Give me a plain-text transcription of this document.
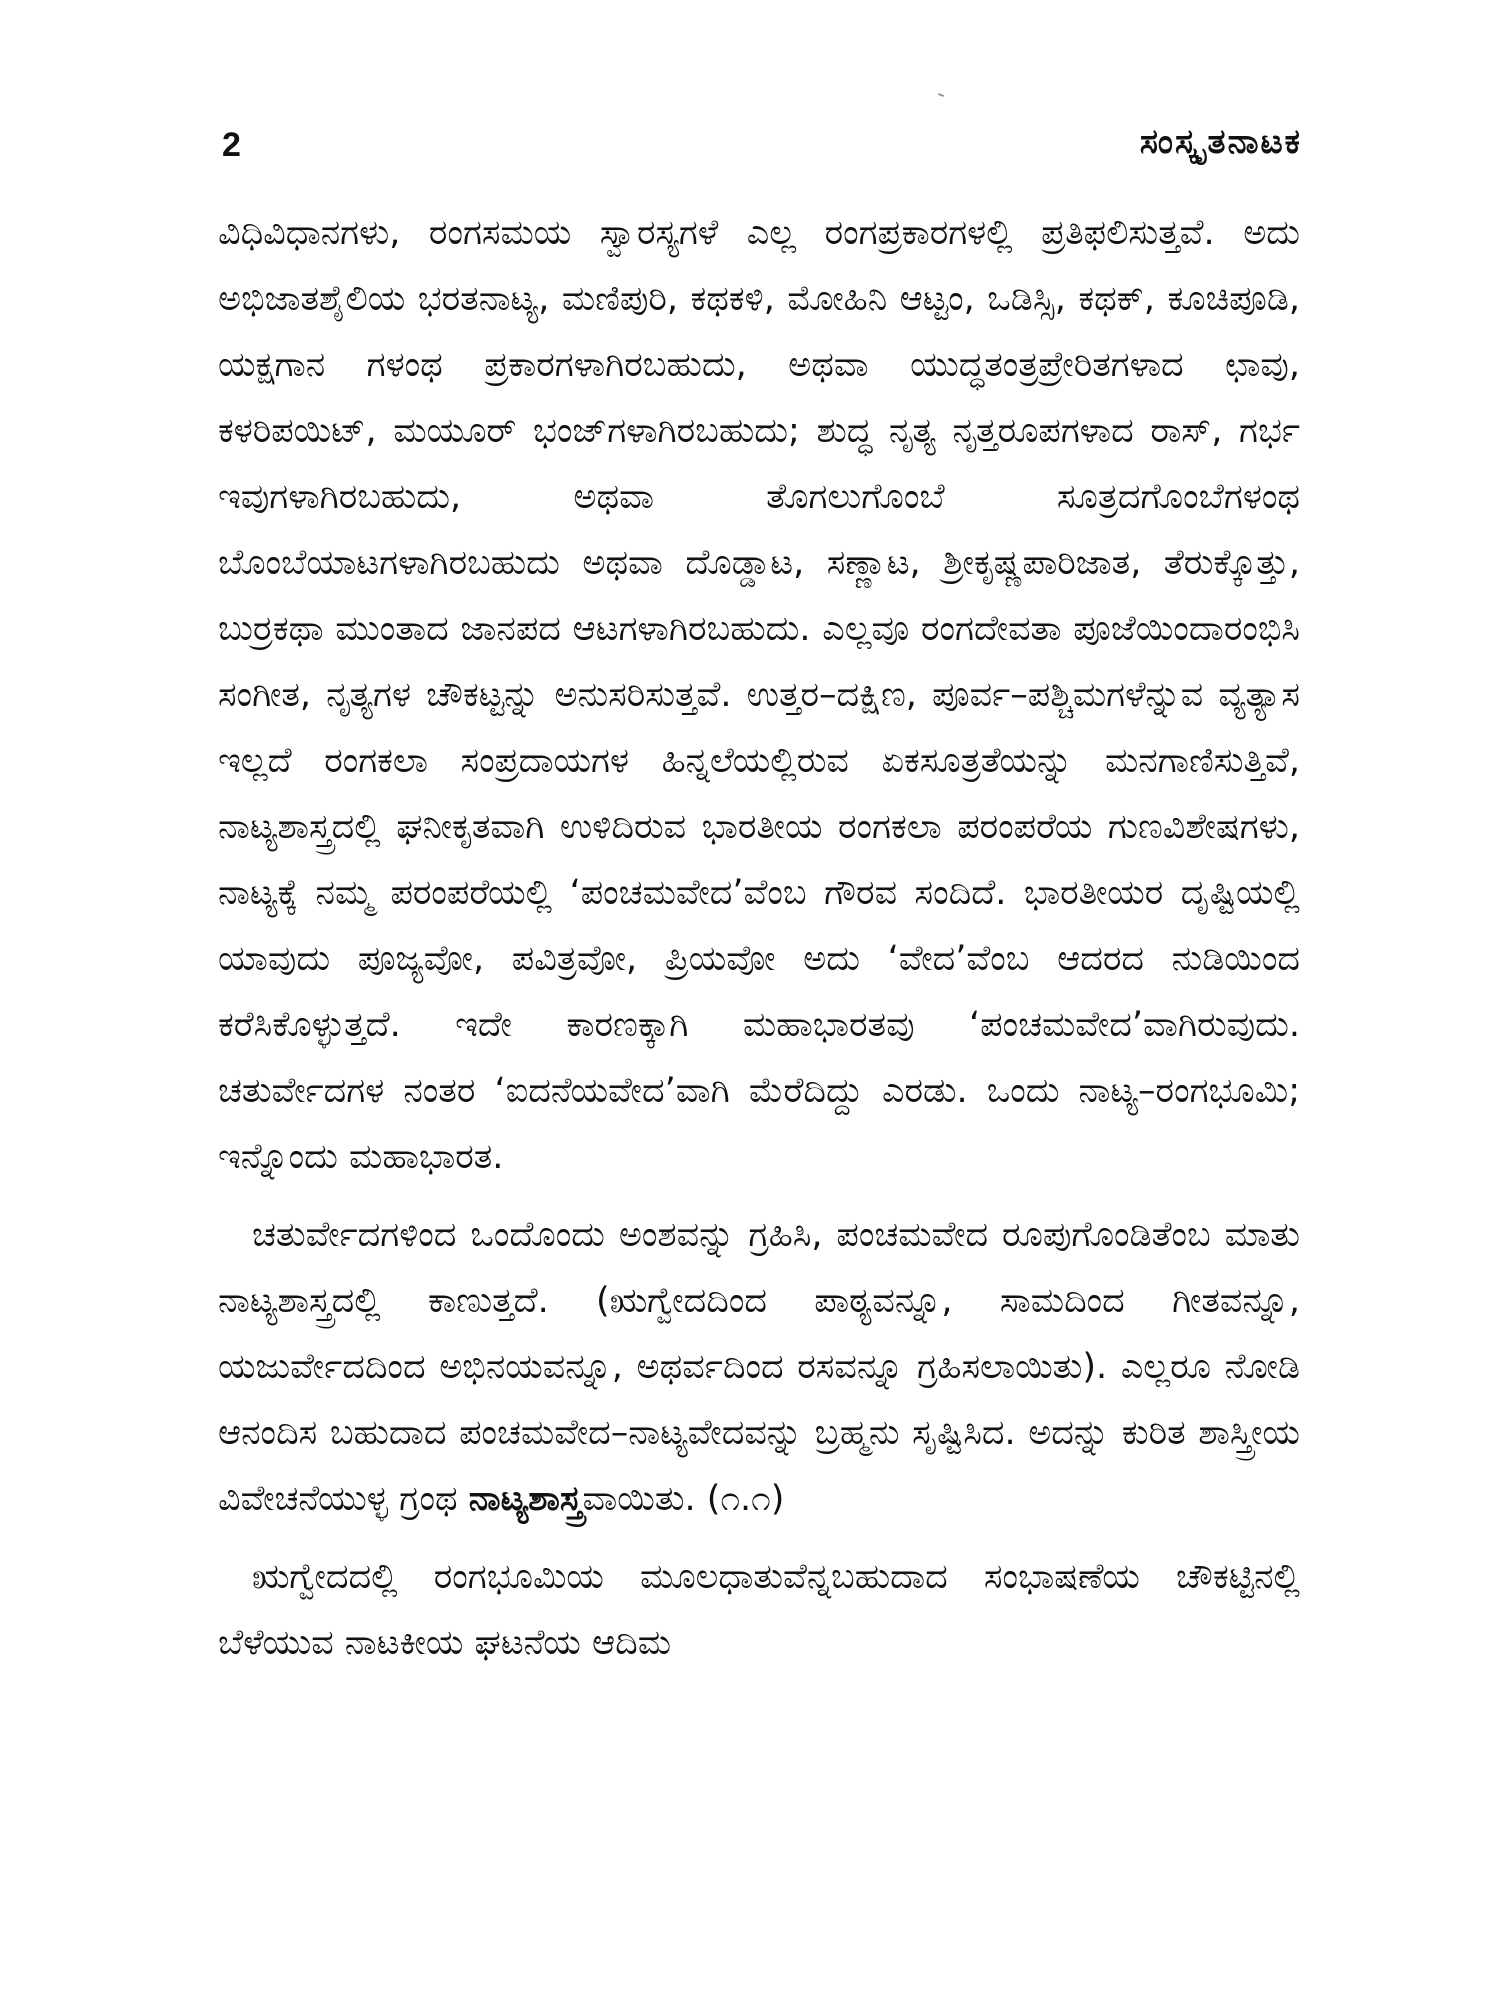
2	ಸಂಸ್ಕೃತನಾಟಕ

ವಿಧಿವಿಧಾನಗಳು, ರಂಗಸಮಯ ಸ್ವಾರಸ್ಯಗಳೆ ಎಲ್ಲ ರಂಗಪ್ರಕಾರಗಳಲ್ಲಿ ಪ್ರತಿಫಲಿಸುತ್ತವೆ. ಅದು ಅಭಿಜಾತಶೈಲಿಯ ಭರತನಾಟ್ಯ, ಮಣಿಪುರಿ, ಕಥಕಳಿ, ಮೋಹಿನಿ ಆಟ್ಟಂ, ಒಡಿಸ್ಸಿ, ಕಥಕ್, ಕೂಚಿಪೂಡಿ, ಯಕ್ಷಗಾನ ಗಳಂಥ ಪ್ರಕಾರಗಳಾಗಿರಬಹುದು, ಅಥವಾ ಯುದ್ಧತಂತ್ರಪ್ರೇರಿತಗಳಾದ ಛಾವು, ಕಳರಿಪಯಿಟ್, ಮಯೂರ್ ಭಂಜ್‌ಗಳಾಗಿರಬಹುದು; ಶುದ್ಧ ನೃತ್ಯ ನೃತ್ತರೂಪಗಳಾದ ರಾಸ್, ಗರ್ಭ ಇವುಗಳಾಗಿರಬಹುದು, ಅಥವಾ ತೊಗಲುಗೊಂಬೆ ಸೂತ್ರದಗೊಂಬೆಗಳಂಥ ಬೊಂಬೆಯಾಟಗಳಾಗಿರಬಹುದು ಅಥವಾ ದೊಡ್ಡಾಟ, ಸಣ್ಣಾಟ, ಶ್ರೀಕೃಷ್ಣಪಾರಿಜಾತ, ತೆರುಕ್ಕೊತ್ತು, ಬುರ್ರಕಥಾ ಮುಂತಾದ ಜಾನಪದ ಆಟಗಳಾಗಿರಬಹುದು. ಎಲ್ಲವೂ ರಂಗದೇವತಾ ಪೂಜೆಯಿಂದಾರಂಭಿಸಿ ಸಂಗೀತ, ನೃತ್ಯಗಳ ಚೌಕಟ್ಟನ್ನು ಅನುಸರಿಸುತ್ತವೆ. ಉತ್ತರ–ದಕ್ಷಿಣ, ಪೂರ್ವ–ಪಶ್ಚಿಮಗಳೆನ್ನುವ ವ್ಯತ್ಯಾಸ ಇಲ್ಲದೆ ರಂಗಕಲಾ ಸಂಪ್ರದಾಯಗಳ ಹಿನ್ನಲೆಯಲ್ಲಿರುವ ಏಕಸೂತ್ರತೆಯನ್ನು ಮನಗಾಣಿಸುತ್ತಿವೆ, ನಾಟ್ಯಶಾಸ್ತ್ರದಲ್ಲಿ ಘನೀಕೃತವಾಗಿ ಉಳಿದಿರುವ ಭಾರತೀಯ ರಂಗಕಲಾ ಪರಂಪರೆಯ ಗುಣವಿಶೇಷಗಳು, ನಾಟ್ಯಕ್ಕೆ ನಮ್ಮ ಪರಂಪರೆಯಲ್ಲಿ ‘ಪಂಚಮವೇದ’ವೆಂಬ ಗೌರವ ಸಂದಿದೆ. ಭಾರತೀಯರ ದೃಷ್ಟಿಯಲ್ಲಿ ಯಾವುದು ಪೂಜ್ಯವೋ, ಪವಿತ್ರವೋ, ಪ್ರಿಯವೋ ಅದು ‘ವೇದ’ವೆಂಬ ಆದರದ ನುಡಿಯಿಂದ ಕರೆಸಿಕೊಳ್ಳುತ್ತದೆ. ಇದೇ ಕಾರಣಕ್ಕಾಗಿ ಮಹಾಭಾರತವು ‘ಪಂಚಮವೇದ’ವಾಗಿರುವುದು. ಚತುರ್ವೇದಗಳ ನಂತರ ‘ಐದನೆಯವೇದ’ವಾಗಿ ಮೆರೆದಿದ್ದು ಎರಡು. ಒಂದು ನಾಟ್ಯ–ರಂಗಭೂಮಿ; ಇನ್ನೊಂದು ಮಹಾಭಾರತ.

ಚತುರ್ವೇದಗಳಿಂದ ಒಂದೊಂದು ಅಂಶವನ್ನು ಗ್ರಹಿಸಿ, ಪಂಚಮವೇದ ರೂಪುಗೊಂಡಿತೆಂಬ ಮಾತು ನಾಟ್ಯಶಾಸ್ತ್ರದಲ್ಲಿ ಕಾಣುತ್ತದೆ. (ಋಗ್ವೇದದಿಂದ ಪಾಠ್ಯವನ್ನೂ, ಸಾಮದಿಂದ ಗೀತವನ್ನೂ, ಯಜುರ್ವೇದದಿಂದ ಅಭಿನಯವನ್ನೂ, ಅಥರ್ವದಿಂದ ರಸವನ್ನೂ ಗ್ರಹಿಸಲಾಯಿತು). ಎಲ್ಲರೂ ನೋಡಿ ಆನಂದಿಸ ಬಹುದಾದ ಪಂಚಮವೇದ–ನಾಟ್ಯವೇದವನ್ನು ಬ್ರಹ್ಮನು ಸೃಷ್ಟಿಸಿದ. ಅದನ್ನು ಕುರಿತ ಶಾಸ್ತ್ರೀಯ ವಿವೇಚನೆಯುಳ್ಳ ಗ್ರಂಥ ನಾಟ್ಯಶಾಸ್ತ್ರವಾಯಿತು. (೧.೧)

ಋಗ್ವೇದದಲ್ಲಿ ರಂಗಭೂಮಿಯ ಮೂಲಧಾತುವೆನ್ನಬಹುದಾದ ಸಂಭಾಷಣೆಯ ಚೌಕಟ್ಟಿನಲ್ಲಿ ಬೆಳೆಯುವ ನಾಟಕೀಯ ಘಟನೆಯ ಆದಿಮ
